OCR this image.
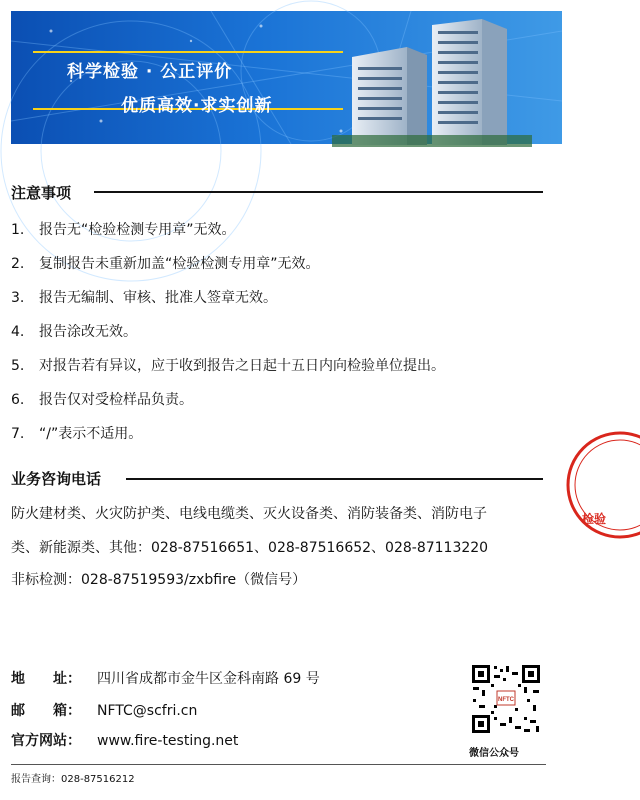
科学检验 · 公正评价
优质高效·求实创新
注意事项
1. 报告无“检验检测专用章”无效。
2. 复制报告未重新加盖“检验检测专用章”无效。
3. 报告无编制、审核、批准人签章无效。
4. 报告涂改无效。
5. 对报告若有异议，应于收到报告之日起十五日内向检验单位提出。
6. 报告仅对受检样品负责。
7. “/”表示不适用。
业务咨询电话
防火建材类、火灾防护类、电线电缆类、灭火设备类、消防装备类、消防电子
类、新能源类、其他：028-87516651、028-87516652、028-87113220
非标检测：028-87519593/zxbfire（微信号）
地　　址： 四川省成都市金牛区金科南路 69 号
邮　　箱： NFTC@scfri.cn
官方网站： www.fire-testing.net
NFTC
微信公众号
报告查询：028-87516212
检验
